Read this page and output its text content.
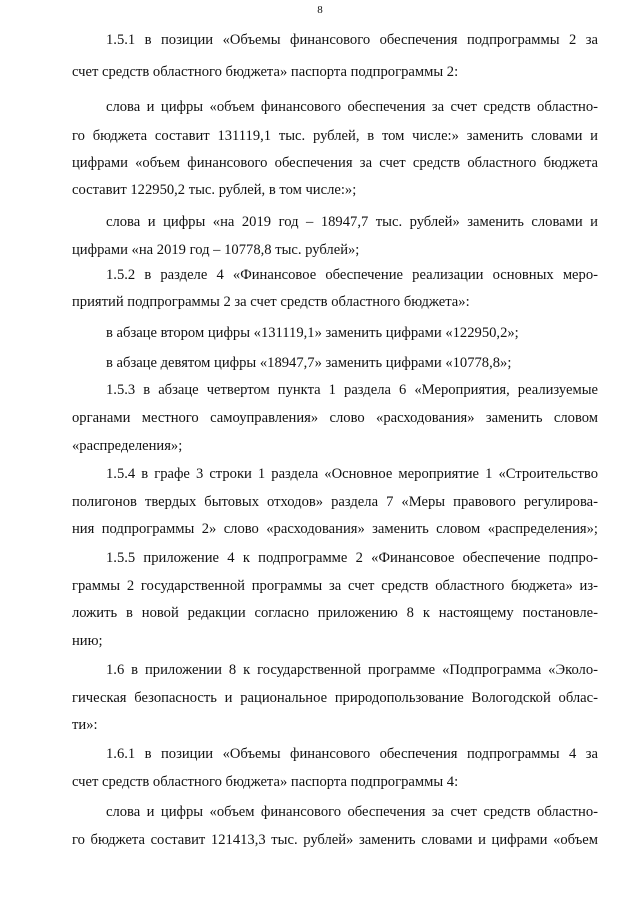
8
1.5.1 в позиции «Объемы финансового обеспечения подпрограммы 2 за
счет средств областного бюджета» паспорта подпрограммы 2:
слова и цифры «объем финансового обеспечения за счет средств областно-
го бюджета составит 131119,1 тыс. рублей, в том числе:» заменить словами и
цифрами «объем финансового обеспечения за счет средств областного бюджета
составит 122950,2 тыс. рублей, в том числе:»;
слова и цифры «на 2019 год – 18947,7 тыс. рублей» заменить словами и
цифрами «на 2019 год – 10778,8 тыс. рублей»;
1.5.2 в разделе 4 «Финансовое обеспечение реализации основных меро-
приятий подпрограммы 2 за счет средств областного бюджета»:
в абзаце втором цифры «131119,1» заменить цифрами «122950,2»;
в абзаце девятом цифры «18947,7» заменить цифрами «10778,8»;
1.5.3 в абзаце четвертом пункта 1 раздела 6 «Мероприятия, реализуемые
органами местного самоуправления» слово «расходования» заменить словом
«распределения»;
1.5.4 в графе 3 строки 1 раздела «Основное мероприятие 1 «Строительство
полигонов твердых бытовых отходов» раздела 7 «Меры правового регулирова-
ния подпрограммы 2» слово «расходования» заменить словом «распределения»;
1.5.5 приложение 4 к подпрограмме 2 «Финансовое обеспечение подпро-
граммы 2 государственной программы за счет средств областного бюджета» из-
ложить в новой редакции согласно приложению 8 к настоящему постановле-
нию;
1.6 в приложении 8 к государственной программе «Подпрограмма «Эколо-
гическая безопасность и рациональное природопользование Вологодской облас-
ти»:
1.6.1 в позиции «Объемы финансового обеспечения подпрограммы 4 за
счет средств областного бюджета» паспорта подпрограммы 4:
слова и цифры «объем финансового обеспечения за счет средств областно-
го бюджета составит 121413,3 тыс. рублей» заменить словами и цифрами «объем
